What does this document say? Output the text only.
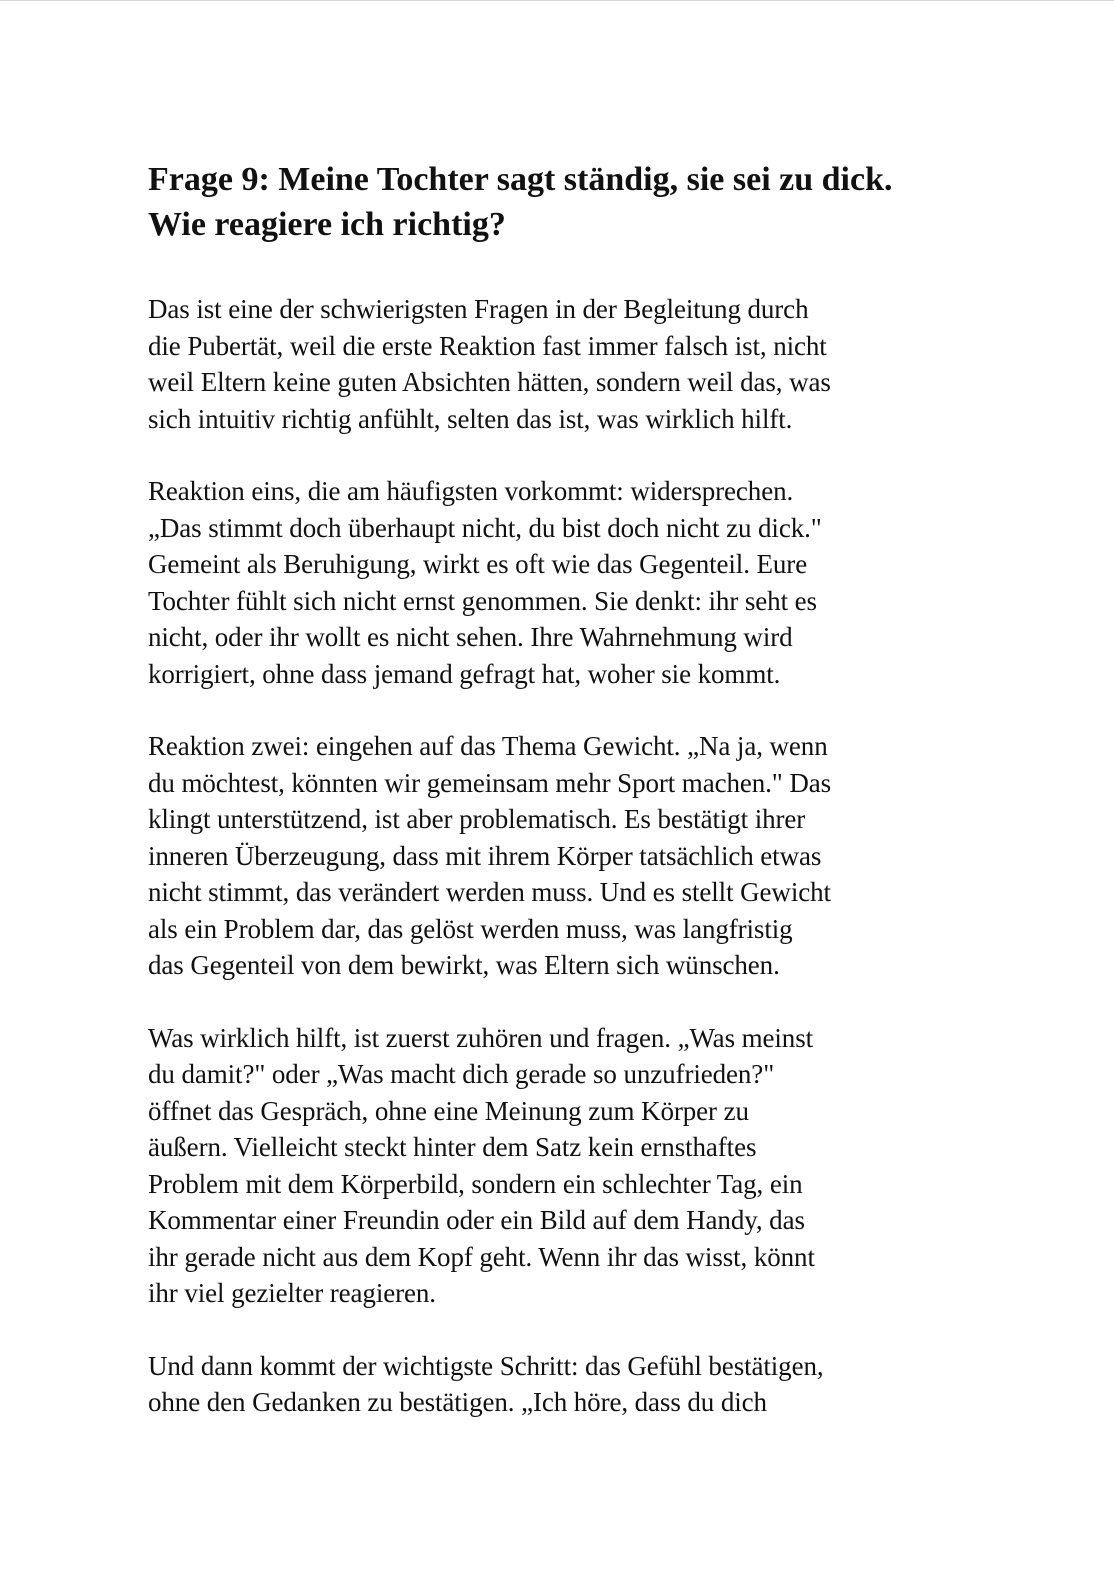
Frage 9: Meine Tochter sagt ständig, sie sei zu dick.
Wie reagiere ich richtig?

Das ist eine der schwierigsten Fragen in der Begleitung durch
die Pubertät, weil die erste Reaktion fast immer falsch ist, nicht
weil Eltern keine guten Absichten hätten, sondern weil das, was
sich intuitiv richtig anfühlt, selten das ist, was wirklich hilft.

Reaktion eins, die am häufigsten vorkommt: widersprechen.
„Das stimmt doch überhaupt nicht, du bist doch nicht zu dick."
Gemeint als Beruhigung, wirkt es oft wie das Gegenteil. Eure
Tochter fühlt sich nicht ernst genommen. Sie denkt: ihr seht es
nicht, oder ihr wollt es nicht sehen. Ihre Wahrnehmung wird
korrigiert, ohne dass jemand gefragt hat, woher sie kommt.

Reaktion zwei: eingehen auf das Thema Gewicht. „Na ja, wenn
du möchtest, könnten wir gemeinsam mehr Sport machen." Das
klingt unterstützend, ist aber problematisch. Es bestätigt ihrer
inneren Überzeugung, dass mit ihrem Körper tatsächlich etwas
nicht stimmt, das verändert werden muss. Und es stellt Gewicht
als ein Problem dar, das gelöst werden muss, was langfristig
das Gegenteil von dem bewirkt, was Eltern sich wünschen.

Was wirklich hilft, ist zuerst zuhören und fragen. „Was meinst
du damit?" oder „Was macht dich gerade so unzufrieden?"
öffnet das Gespräch, ohne eine Meinung zum Körper zu
äußern. Vielleicht steckt hinter dem Satz kein ernsthaftes
Problem mit dem Körperbild, sondern ein schlechter Tag, ein
Kommentar einer Freundin oder ein Bild auf dem Handy, das
ihr gerade nicht aus dem Kopf geht. Wenn ihr das wisst, könnt
ihr viel gezielter reagieren.

Und dann kommt der wichtigste Schritt: das Gefühl bestätigen,
ohne den Gedanken zu bestätigen. „Ich höre, dass du dich
